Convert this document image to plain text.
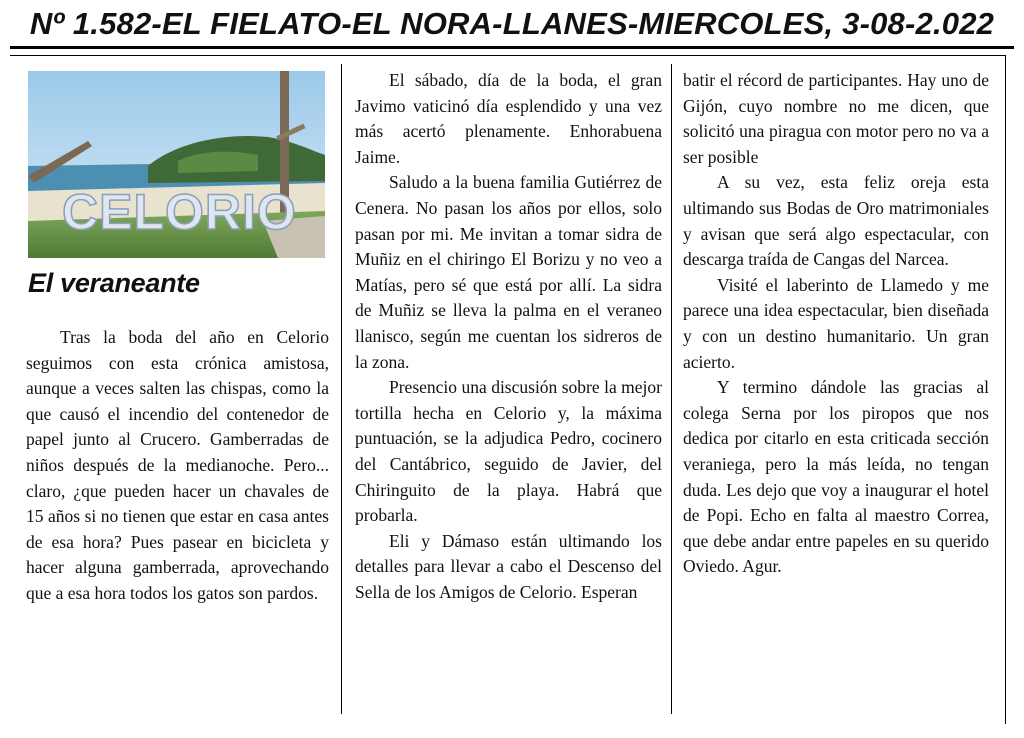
Nº 1.582-EL FIELATO-EL NORA-LLANES-MIERCOLES, 3-08-2.022
CELORIO
El veraneante

Tras la boda del año en Celorio seguimos con esta crónica amistosa, aunque a veces salten las chispas, como la que causó el incendio del contenedor de papel junto al Crucero. Gamberradas de niños después de la medianoche. Pero... claro, ¿que pueden hacer un chavales de 15 años si no tienen que estar en casa antes de esa hora? Pues pasear en bicicleta y hacer alguna gamberrada, aprovechando que a esa hora todos los gatos son pardos.

El sábado, día de la boda, el gran Javimo vaticinó día esplendido y una vez más acertó plenamente. Enhorabuena Jaime.

Saludo a la buena familia Gutiérrez de Cenera. No pasan los años por ellos, solo pasan por mi. Me invitan a tomar sidra de Muñiz en el chiringo El Borizu y no veo a Matías, pero sé que está por allí. La sidra de Muñiz se lleva la palma en el veraneo llanisco, según me cuentan los sidreros de la zona.

Presencio una discusión sobre la mejor tortilla hecha en Celorio y, la máxima puntuación, se la adjudica Pedro, cocinero del Cantábrico, seguido de Javier, del Chiringuito de la playa. Habrá que probarla.

Eli y Dámaso están ultimando los detalles para llevar a cabo el Descenso del Sella de los Amigos de Celorio. Esperan

batir el récord de participantes. Hay uno de Gijón, cuyo nombre no me dicen, que solicitó una piragua con motor pero no va a ser posible

A su vez, esta feliz oreja esta ultimando sus Bodas de Oro matrimoniales y avisan que será algo espectacular, con descarga traída de Cangas del Narcea.

Visité el laberinto de Llamedo y me parece una idea espectacular, bien diseñada y con un destino humanitario. Un gran acierto.

Y termino dándole las gracias al colega Serna por los piropos que nos dedica por citarlo en esta criticada sección veraniega, pero la más leída, no tengan duda. Les dejo que voy a inaugurar el hotel de Popi. Echo en falta al maestro Correa, que debe andar entre papeles en su querido Oviedo. Agur.
